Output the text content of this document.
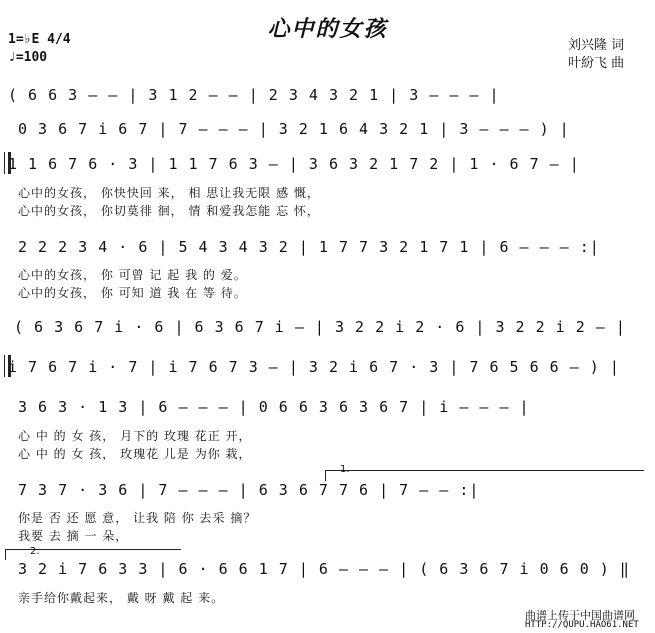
心中的女孩
1=♭E 4/4
♩=100
刘兴隆 词
叶紛飞 曲
( 6 6 3 — — | 3 1 2 — — | 2 3 4 3 2 1 | 3 — — — |
0 3 6 7 i 6 7 | 7 — — — | 3 2 1 6 4 3 2 1 | 3 — — — ) |
1 1 6 7 6 · 3 | 1 1 7 6 3 — | 3 6 3 2 1 7 2 | 1 · 6 7 — |
心中的女孩， 你快快回 来， 相 思让我无限 感 慨，
心中的女孩， 你切莫徘 徊， 情 和爱我怎能 忘 怀，
2 2 2 3 4 · 6 | 5 4 3 4 3 2 | 1 7 7 3 2 1 7 1 | 6 — — — :|
心中的女孩， 你 可曾 记 起 我 的 爱。
心中的女孩， 你 可知 道 我 在 等 待。
( 6 3 6 7 i · 6 | 6 3 6 7 i — | 3 2 2 i 2 · 6 | 3 2 2 i 2 — |
i 7 6 7 i · 7 | i 7 6 7 3 — | 3 2 i 6 7 · 3 | 7 6 5 6 6 — ) |
3 6 3 · 1 3 | 6 — — — | 0 6 6 3 6 3 6 7 | i — — — |
心 中 的 女 孩， 月下的 玫瑰 花正 开，
心 中 的 女 孩， 玫瑰花 儿是 为你 栽，
7 3 7 · 3 6 | 7 — — — | 6 3 6 7 7 6 | 7 — — :|
你是 否 还 愿 意， 让我 陪 你 去采 摘？
我要 去 摘 一 朵，
3 2 i 7 6 3 3 | 6 · 6 6 1 7 | 6 — — — | ( 6 3 6 7 i 0 6 0 ) ‖
亲手给你戴起来， 戴 呀 戴 起 来。
1.
2.
曲谱上传于中国曲谱网
HTTP://QUPU.HAO61.NET
